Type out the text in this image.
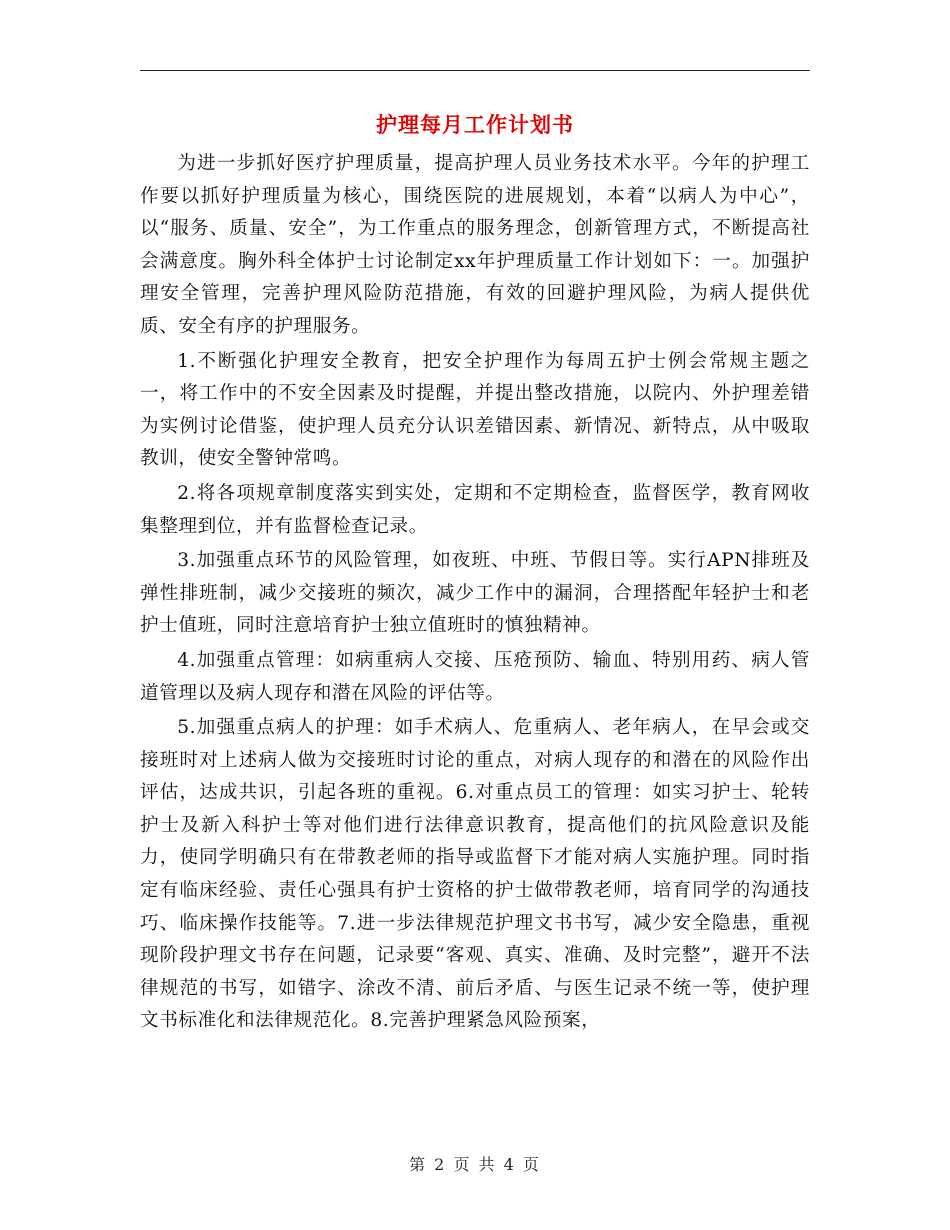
护理每月工作计划书

为进一步抓好医疗护理质量，提高护理人员业务技术水平。今年的护理工作要以抓好护理质量为核心，围绕医院的进展规划，本着“以病人为中心”，以“服务、质量、安全”，为工作重点的服务理念，创新管理方式，不断提高社会满意度。胸外科全体护士讨论制定xx年护理质量工作计划如下：一。加强护理安全管理，完善护理风险防范措施，有效的回避护理风险，为病人提供优质、安全有序的护理服务。

1.不断强化护理安全教育，把安全护理作为每周五护士例会常规主题之一，将工作中的不安全因素及时提醒，并提出整改措施，以院内、外护理差错为实例讨论借鉴，使护理人员充分认识差错因素、新情况、新特点，从中吸取教训，使安全警钟常鸣。

2.将各项规章制度落实到实处，定期和不定期检查，监督医学，教育网收集整理到位，并有监督检查记录。

3.加强重点环节的风险管理，如夜班、中班、节假日等。实行APN排班及弹性排班制，减少交接班的频次，减少工作中的漏洞，合理搭配年轻护士和老护士值班，同时注意培育护士独立值班时的慎独精神。

4.加强重点管理：如病重病人交接、压疮预防、输血、特别用药、病人管道管理以及病人现存和潜在风险的评估等。

5.加强重点病人的护理：如手术病人、危重病人、老年病人，在早会或交接班时对上述病人做为交接班时讨论的重点，对病人现存的和潜在的风险作出评估，达成共识，引起各班的重视。6.对重点员工的管理：如实习护士、轮转护士及新入科护士等对他们进行法律意识教育，提高他们的抗风险意识及能力，使同学明确只有在带教老师的指导或监督下才能对病人实施护理。同时指定有临床经验、责任心强具有护士资格的护士做带教老师，培育同学的沟通技巧、临床操作技能等。7.进一步法律规范护理文书书写，减少安全隐患，重视现阶段护理文书存在问题，记录要“客观、真实、准确、及时完整”，避开不法律规范的书写，如错字、涂改不清、前后矛盾、与医生记录不统一等，使护理文书标准化和法律规范化。8.完善护理紧急风险预案，

第 2 页 共 4 页
